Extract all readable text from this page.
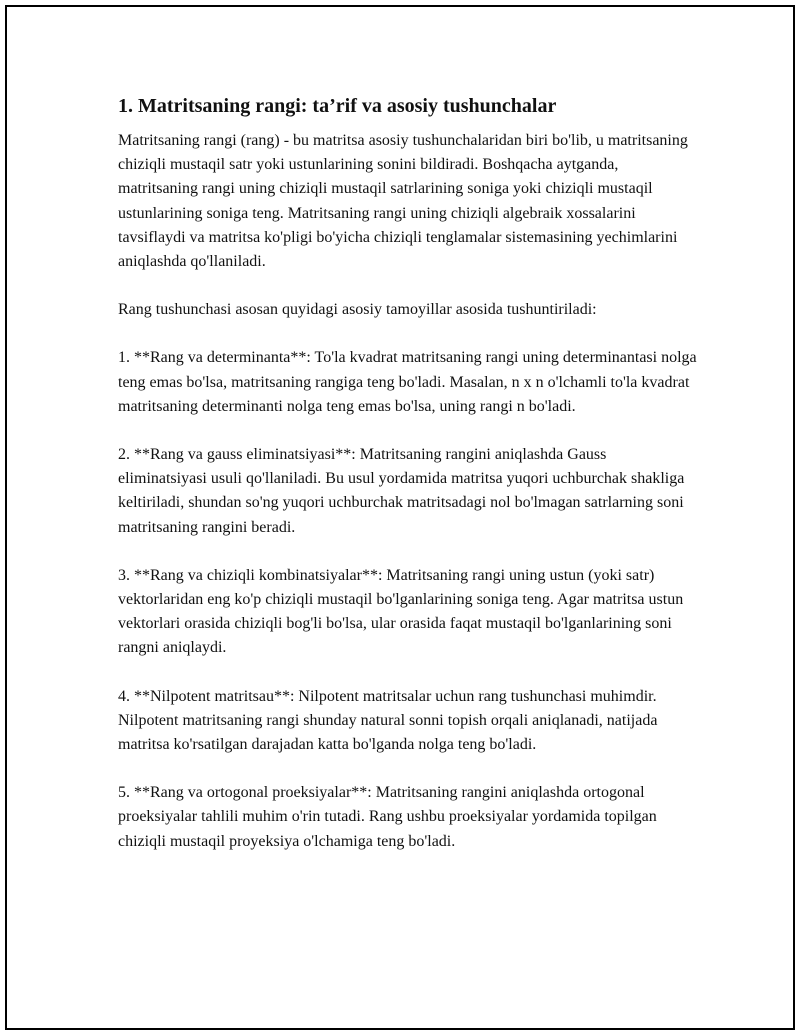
1. Matritsaning rangi: ta’rif va asosiy tushunchalar

Matritsaning rangi (rang) - bu matritsa asosiy tushunchalaridan biri bo'lib, u matritsaning chiziqli mustaqil satr yoki ustunlarining sonini bildiradi. Boshqacha aytganda, matritsaning rangi uning chiziqli mustaqil satrlarining soniga yoki chiziqli mustaqil ustunlarining soniga teng. Matritsaning rangi uning chiziqli algebraik xossalarini tavsiflaydi va matritsa ko'pligi bo'yicha chiziqli tenglamalar sistemasining yechimlarini aniqlashda qo'llaniladi.

Rang tushunchasi asosan quyidagi asosiy tamoyillar asosida tushuntiriladi:

1. **Rang va determinanta**: To'la kvadrat matritsaning rangi uning determinantasi nolga teng emas bo'lsa, matritsaning rangiga teng bo'ladi. Masalan, n x n o'lchamli to'la kvadrat matritsaning determinanti nolga teng emas bo'lsa, uning rangi n bo'ladi.

2. **Rang va gauss eliminatsiyasi**: Matritsaning rangini aniqlashda Gauss eliminatsiyasi usuli qo'llaniladi. Bu usul yordamida matritsa yuqori uchburchak shakliga keltiriladi, shundan so'ng yuqori uchburchak matritsadagi nol bo'lmagan satrlarning soni matritsaning rangini beradi.

3. **Rang va chiziqli kombinatsiyalar**: Matritsaning rangi uning ustun (yoki satr) vektorlaridan eng ko'p chiziqli mustaqil bo'lganlarining soniga teng. Agar matritsa ustun vektorlari orasida chiziqli bog'li bo'lsa, ular orasida faqat mustaqil bo'lganlarining soni rangni aniqlaydi.

4. **Nilpotent matritsau**: Nilpotent matritsalar uchun rang tushunchasi muhimdir. Nilpotent matritsaning rangi shunday natural sonni topish orqali aniqlanadi, natijada matritsa ko'rsatilgan darajadan katta bo'lganda nolga teng bo'ladi.

5. **Rang va ortogonal proeksiyalar**: Matritsaning rangini aniqlashda ortogonal proeksiyalar tahlili muhim o'rin tutadi. Rang ushbu proeksiyalar yordamida topilgan chiziqli mustaqil proyeksiya o'lchamiga teng bo'ladi.
